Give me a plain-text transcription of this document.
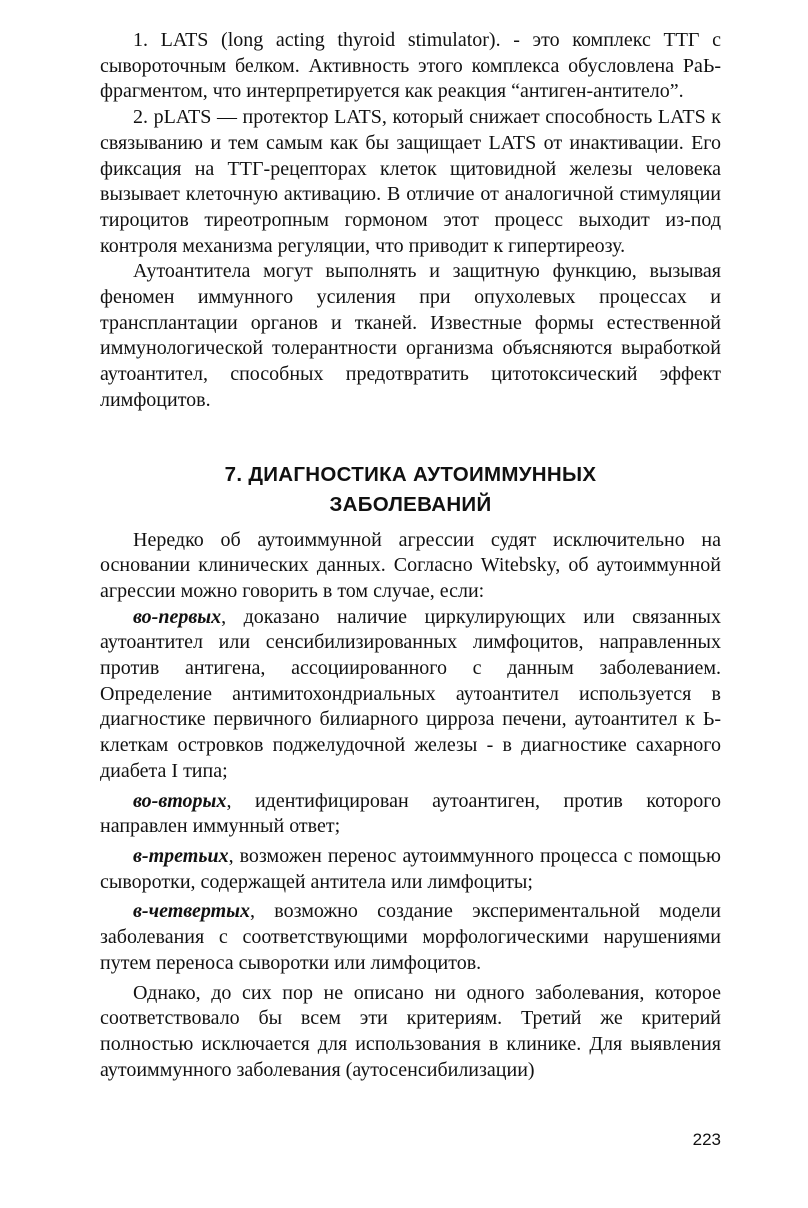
1. LATS (long acting thyroid stimulator). - это комплекс ТТГ с сывороточным белком. Активность этого комплекса обусловлена РаЬ-фрагментом, что интерпретируется как реакция “антиген-антитело”.

2. pLATS — протектор LATS, который снижает способность LATS к связыванию и тем самым как бы защищает LATS от инактивации. Его фиксация на ТТГ-рецепторах клеток щитовидной железы человека вызывает клеточную активацию. В отличие от аналогичной стимуляции тироцитов тиреотропным гормоном этот процесс выходит из-под контроля механизма регуляции, что приводит к гипертиреозу.

Аутоантитела могут выполнять и защитную функцию, вызывая феномен иммунного усиления при опухолевых процессах и трансплантации органов и тканей. Известные формы естественной иммунологической толерантности организма объясняются выработкой аутоантител, способных предотвратить цитотоксический эффект лимфоцитов.

7. ДИАГНОСТИКА АУТОИММУННЫХ
ЗАБОЛЕВАНИЙ

Нередко об аутоиммунной агрессии судят исключительно на основании клинических данных. Согласно Witebsky, об аутоиммунной агрессии можно говорить в том случае, если:

во-первых, доказано наличие циркулирующих или связанных аутоантител или сенсибилизированных лимфоцитов, направленных против антигена, ассоциированного с данным заболеванием. Определение антимитохондриальных аутоантител используется в диагностике первичного билиарного цирроза печени, аутоантител к Ь-клеткам островков поджелудочной железы - в диагностике сахарного диабета I типа;

во-вторых, идентифицирован аутоантиген, против которого направлен иммунный ответ;

в-третьих, возможен перенос аутоиммунного процесса с помощью сыворотки, содержащей антитела или лимфоциты;

в-четвертых, возможно создание экспериментальной модели заболевания с соответствующими морфологическими нарушениями путем переноса сыворотки или лимфоцитов.

Однако, до сих пор не описано ни одного заболевания, которое соответствовало бы всем эти критериям. Третий же критерий полностью исключается для использования в клинике. Для выявления аутоиммунного заболевания (аутосенсибилизации)

223
